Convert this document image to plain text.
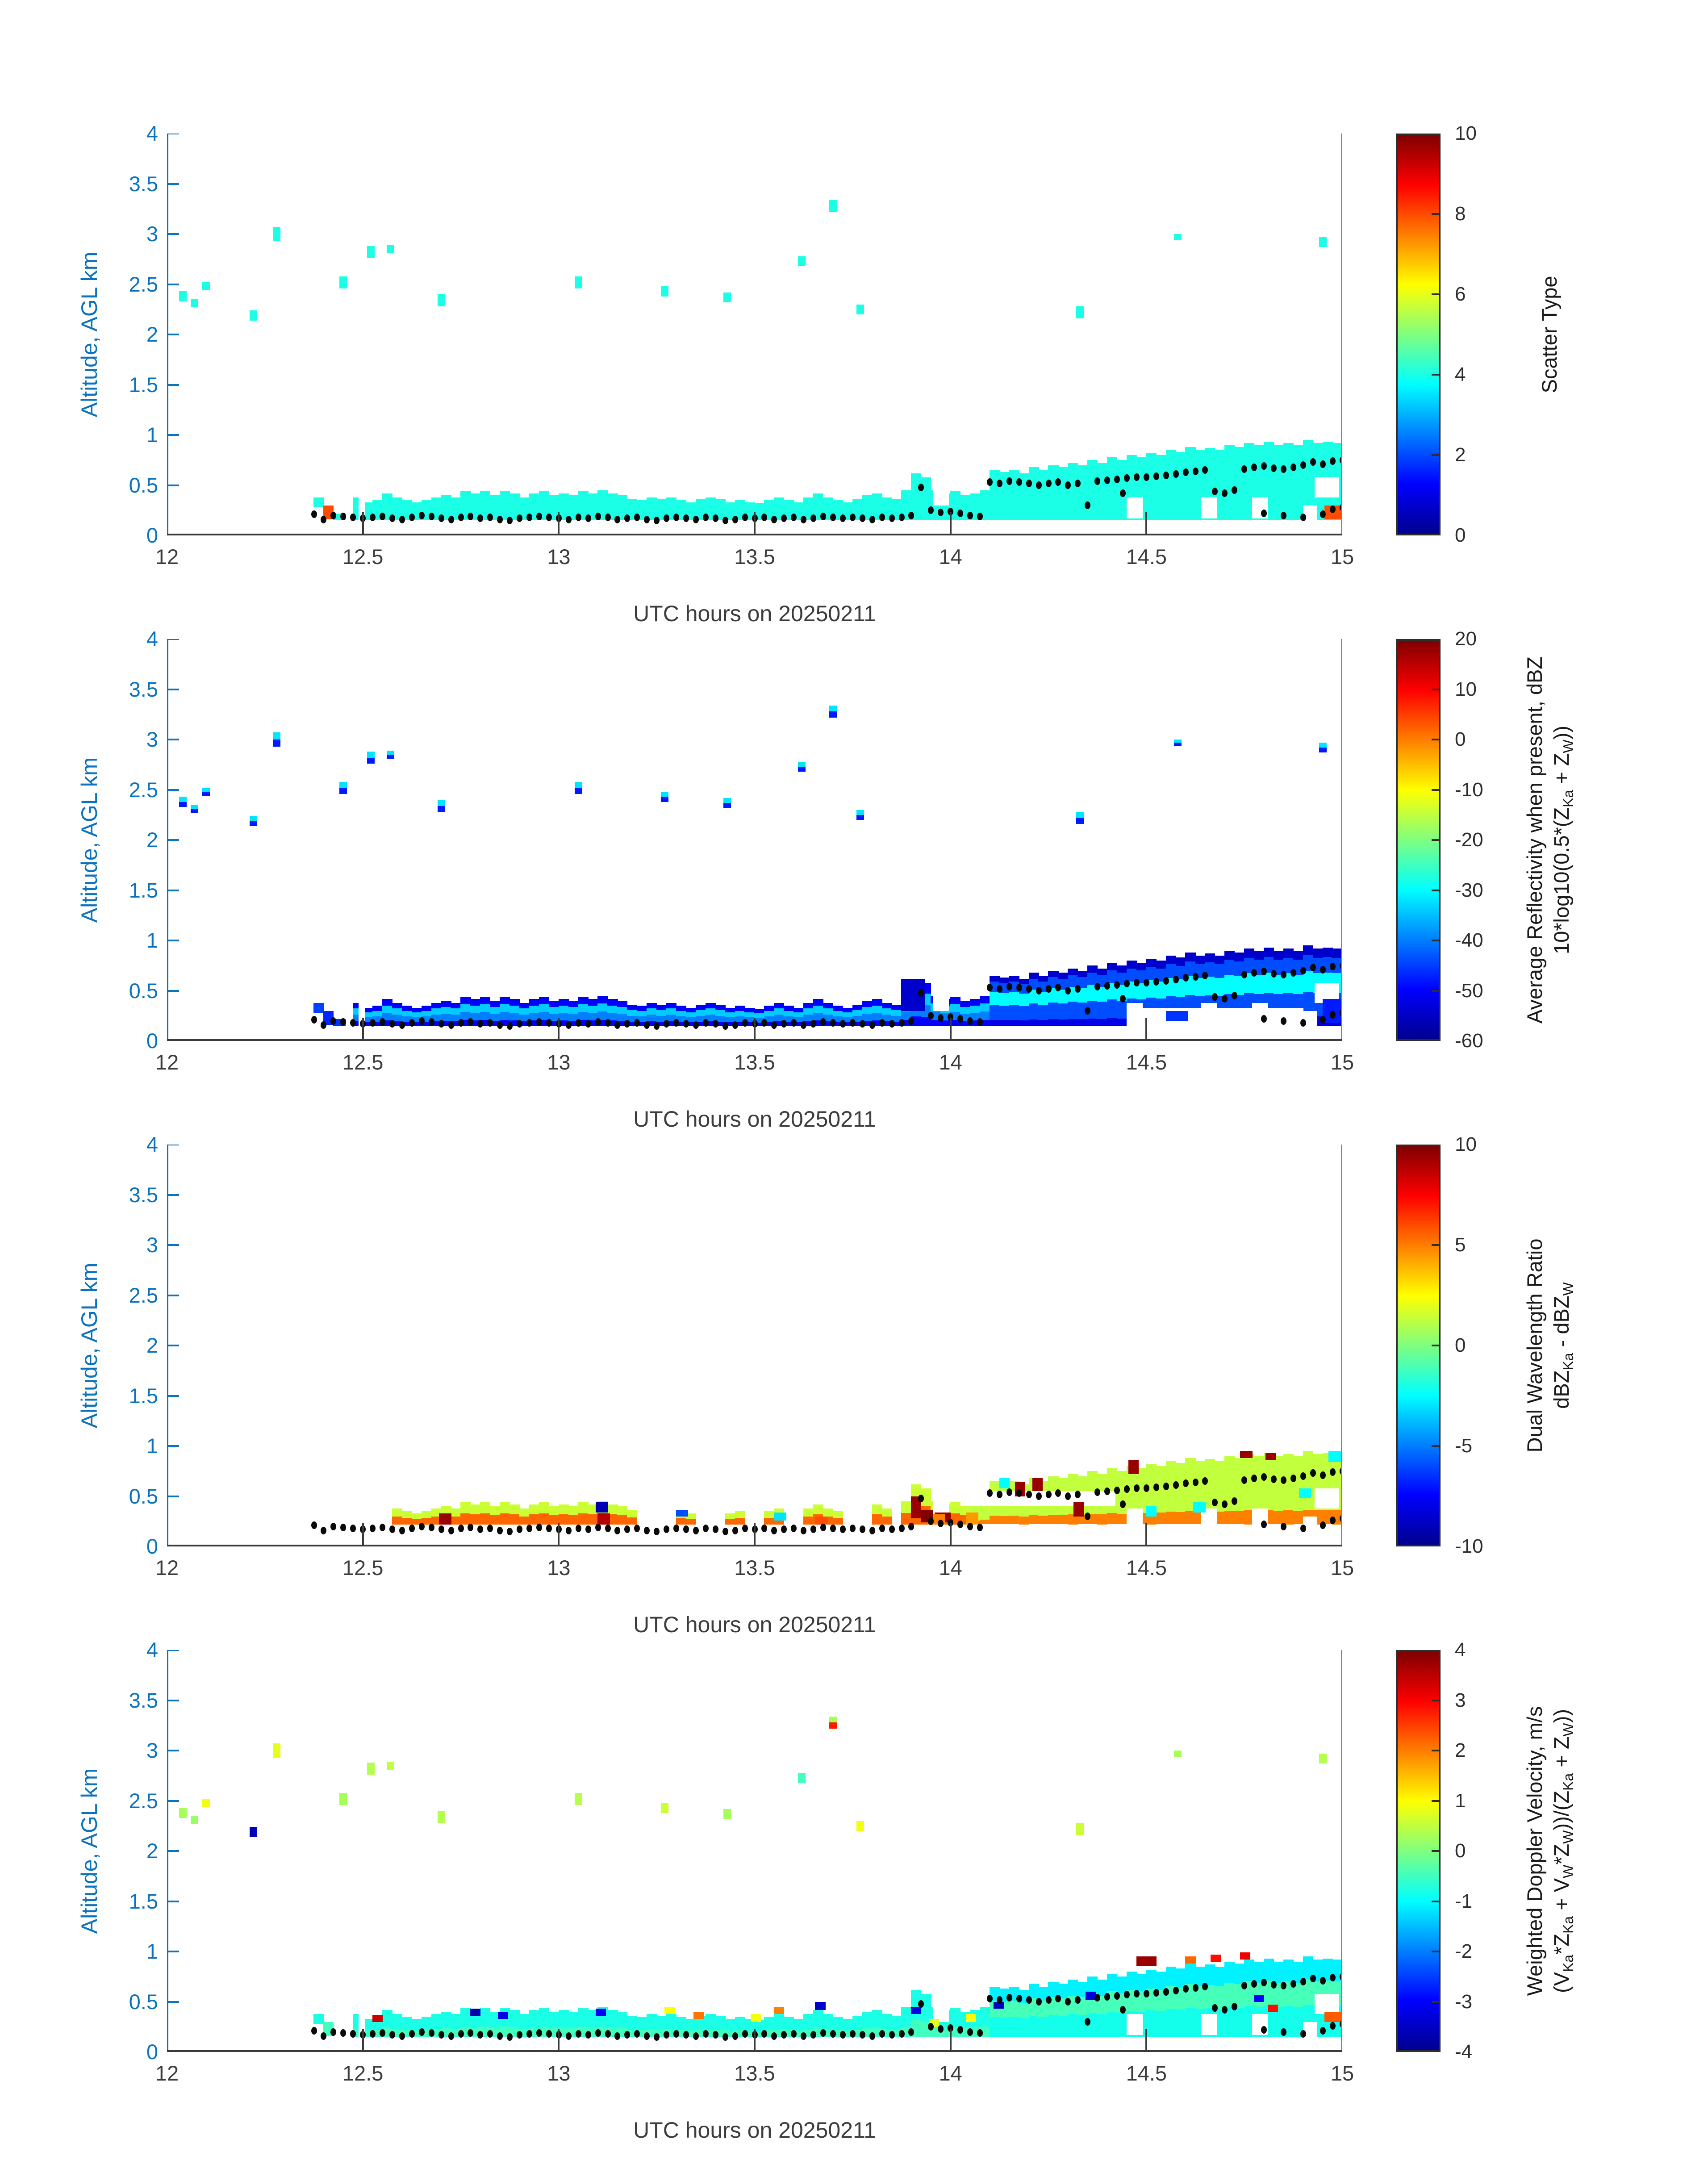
Altitude, AGL km
UTC hours on 20250211
Scatter Type
12	12.5	13	13.5	14	14.5	15
0
0.5
1
1.5
2
2.5
3
3.5
4
0
2
4
6
8
10
Altitude, AGL km
UTC hours on 20250211
Average Reflectivity when present, dBZ $10*\log 10(0.5*(Z_{Ka} + Z_W))$
12	12.5	13	13.5	14	14.5	15
0
0.5
1
1.5
2
2.5
3
3.5
4
-60
-50
-40
-30
-20
-10
0
10
20
Altitude, AGL km
UTC hours on 20250211
Dual Wavelength Ratio dBZ$_{Ka}$ - dBZ$_W$
12	12.5	13	13.5	14	14.5	15
0
0.5
1
1.5
2
2.5
3
3.5
4
-10
-5
0
5
10
Altitude, AGL km
UTC hours on 20250211
Weighted Doppler Velocity, m/s $(V_{Ka}*Z_{Ka} + V_W*Z_W))/(Z_{Ka} + Z_W)$)
12	12.5	13	13.5	14	14.5	15
0
0.5
1
1.5
2
2.5
3
3.5
4
-4
-3
-2
-1
0
1
2
3
4
